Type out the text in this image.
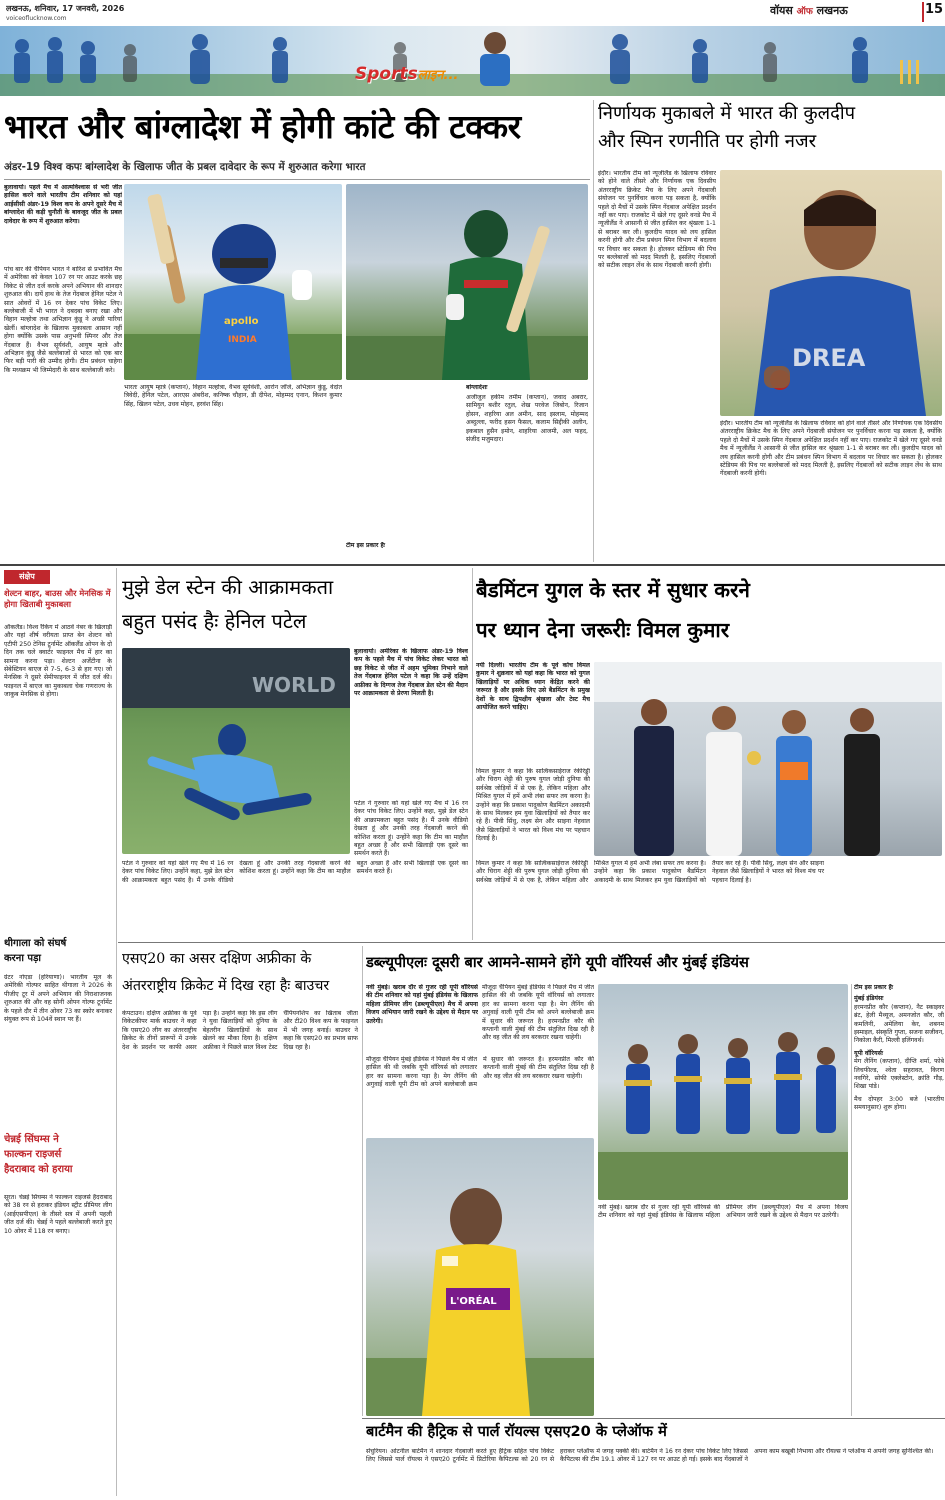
लखनऊ, शनिवार, 17 जनवरी, 2026
voiceoflucknow.com
वॉयस ऑफ लखनऊ	15
Sportsलाइन...
भारत और बांग्लादेश में होगी कांटे की टक्कर
अंडर-19 विश्व कपः बांग्लादेश के खिलाफ जीत के प्रबल दावेदार के रूप में शुरुआत करेगा भारत
बुलावायो। पहले मैच में आत्मविश्वास से भरी जीत हासिल करने वाले भारतीय टीम शनिवार को यहां आईसीसी अंडर-19 विश्व कप के अपने दूसरे मैच में बांग्लादेश की कड़ी चुनौती के बावजूद जीत के प्रबल दावेदार के रूप में शुरुआत करेगा।
पांच बार की चैंपियन भारत ने बारिश से प्रभावित मैच में अमेरिका को केवल 107 रन पर आउट करके छह विकेट से जीत दर्ज करके अपने अभियान की शानदार शुरुआत की। दायें हाथ के तेज गेंदबाज हेनिल पटेल ने सात ओवरों में 16 रन देकर पांच विकेट लिए। बल्लेबाजी में भी भारत ने दबदबा बनाए रखा और विहान मल्होत्रा तथा अभिज्ञान कुंडू ने अच्छी पारियां खेलीं। बांग्लादेश के खिलाफ मुकाबला आसान नहीं होगा क्योंकि उसके पास अनुभवी स्पिनर और तेज गेंदबाज हैं। वैभव सूर्यवंशी, आयुष म्हात्रे और अभिज्ञान कुंडू जैसे बल्लेबाजों से भारत को एक बार फिर बड़ी पारी की उम्मीद होगी। टीम प्रबंधन चाहेगा कि मध्यक्रम भी जिम्मेदारी के साथ बल्लेबाजी करे।
apollo
INDIA
टीम इस प्रकार हैंः
भारतः आयुष म्हात्रे (कप्तान), विहान मल्होत्रा, वैभव सूर्यवंशी, आरोन जॉर्ज, अभिज्ञान कुंडू, वेदांत त्रिवेदी, हेनिल पटेल, आरएस अंबरीश, कनिष्क चौहान, डी दीपेश, मोहम्मद एनान, किशन कुमार सिंह, खिलन पटेल, उधव मोहन, हरवंश सिंह।
बांग्लादेशः
अजीजुल हकीम तमीम (कप्तान), जवाद अबरार, सामियुन बशीर रतुल, शेख परवेज जिबोन, रिजान होसन, शहरिया अल अमीन, साद इस्लाम, मोहम्मद अब्दुल्ला, फरीद हसन फैसल, कलाम सिद्दीकी अलीन, इकबाल हुसैन इमोन, शाहरिया आजमी, अल फहद, संजीद मजुमदार।
निर्णायक मुकाबले में भारत की कुलदीप
और स्पिन रणनीति पर होगी नजर
इंदौर। भारतीय टीम को न्यूजीलैंड के खिलाफ रविवार को होने वाले तीसरे और निर्णायक एक दिवसीय अंतरराष्ट्रीय क्रिकेट मैच के लिए अपने गेंदबाजी संयोजन पर पुनर्विचार करना पड़ सकता है, क्योंकि पहले दो मैचों में उसके स्पिन गेंदबाज अपेक्षित प्रदर्शन नहीं कर पाए। राजकोट में खेले गए दूसरे वनडे मैच में न्यूजीलैंड ने आसानी से जीत हासिल कर श्रृंखला 1-1 से बराबर कर ली। कुलदीप यादव को लय हासिल करनी होगी और टीम प्रबंधन स्पिन विभाग में बदलाव पर विचार कर सकता है। होलकर स्टेडियम की पिच पर बल्लेबाजों को मदद मिलती है, इसलिए गेंदबाजों को सटीक लाइन लेंथ के साथ गेंदबाजी करनी होगी।
DREA
इंदौर। भारतीय टीम को न्यूजीलैंड के खिलाफ रविवार को होने वाले तीसरे और निर्णायक एक दिवसीय अंतरराष्ट्रीय क्रिकेट मैच के लिए अपने गेंदबाजी संयोजन पर पुनर्विचार करना पड़ सकता है, क्योंकि पहले दो मैचों में उसके स्पिन गेंदबाज अपेक्षित प्रदर्शन नहीं कर पाए। राजकोट में खेले गए दूसरे वनडे मैच में न्यूजीलैंड ने आसानी से जीत हासिल कर श्रृंखला 1-1 से बराबर कर ली। कुलदीप यादव को लय हासिल करनी होगी और टीम प्रबंधन स्पिन विभाग में बदलाव पर विचार कर सकता है। होलकर स्टेडियम की पिच पर बल्लेबाजों को मदद मिलती है, इसलिए गेंदबाजों को सटीक लाइन लेंथ के साथ गेंदबाजी करनी होगी।
संक्षेप
शेल्टन बाहर, बाउस और मेनसिक में होगा खिताबी मुकाबला
ऑकलैंड। विश्व रैंकिंग में आठवें नंबर के खिलाड़ी और यहां शीर्ष वरीयता प्राप्त बेन शेल्टन को एटीपी 250 टेनिस टूर्नामेंट ऑकलैंड ओपन के दो दिन तक चले क्वार्टर फाइनल मैच में हार का सामना करना पड़ा। शेल्टन अर्जेंटीना के सेबेस्टियन बाएज से 7-5, 6-3 से हार गए। जो मेनसिक ने दूसरे सेमीफाइनल में जीत दर्ज की। फाइनल में बाएज का मुकाबला चेक गणराज्य के जाकुब मेनसिक से होगा।
थीगाला को संघर्ष
करना पड़ा
ग्रेटर नोएडा (हरियाणा)। भारतीय मूल के अमेरिकी गोल्फर साहित थीगाला ने 2026 के पीजीए टूर में अपने अभियान की निराशाजनक शुरुआत की और वह सोनी ओपन गोल्फ टूर्नामेंट के पहले दौर में तीन ओवर 73 का स्कोर बनाकर संयुक्त रूप से 104वें स्थान पर हैं।
चेन्नई सिंघम्स ने
फाल्कन राइजर्स
हैदराबाद को हराया
सूरत। चेन्नई सिंघम्स ने फाल्कन राइजर्स हैदराबाद को 38 रन से हराकर इंडियन स्ट्रीट प्रीमियर लीग (आईएसपीएल) के तीसरे सत्र में अपनी पहली जीत दर्ज की। चेन्नई ने पहले बल्लेबाजी करते हुए 10 ओवर में 118 रन बनाए।
मुझे डेल स्टेन की आक्रामकता
बहुत पसंद हैः हेनिल पटेल
WORLD
बुलावायो। अमेरिका के खिलाफ अंडर-19 विश्व कप के पहले मैच में पांच विकेट लेकर भारत को छह विकेट से जीत में अहम भूमिका निभाने वाले तेज गेंदबाज हेनिल पटेल ने कहा कि उन्हें दक्षिण अफ्रीका के दिग्गज तेज गेंदबाज डेल स्टेन की मैदान पर आक्रामकता से प्रेरणा मिलती है।
पटेल ने गुरुवार को यहां खेले गए मैच में 16 रन देकर पांच विकेट लिए। उन्होंने कहा, मुझे डेल स्टेन की आक्रामकता बहुत पसंद है। मैं उनके वीडियो देखता हूं और उनकी तरह गेंदबाजी करने की कोशिश करता हूं। उन्होंने कहा कि टीम का माहौल बहुत अच्छा है और सभी खिलाड़ी एक दूसरे का समर्थन करते हैं।
पटेल ने गुरुवार को यहां खेले गए मैच में 16 रन देकर पांच विकेट लिए। उन्होंने कहा, मुझे डेल स्टेन की आक्रामकता बहुत पसंद है। मैं उनके वीडियो देखता हूं और उनकी तरह गेंदबाजी करने की कोशिश करता हूं। उन्होंने कहा कि टीम का माहौल बहुत अच्छा है और सभी खिलाड़ी एक दूसरे का समर्थन करते हैं।
बैडमिंटन युगल के स्तर में सुधार करने
पर ध्यान देना जरूरीः विमल कुमार
नयी दिल्ली। भारतीय टीम के पूर्व कोच विमल कुमार ने शुक्रवार को यहां कहा कि भारत को युगल खिलाड़ियों पर अधिक ध्यान केंद्रित करने की जरूरत है और इसके लिए उसे बैडमिंटन के प्रमुख देशों के साथ द्विपक्षीय श्रृंखला और टेस्ट मैच आयोजित करने चाहिए।
विमल कुमार ने कहा कि सात्विकसाईराज रंकीरेड्डी और चिराग शेट्टी की पुरुष युगल जोड़ी दुनिया की सर्वश्रेष्ठ जोड़ियों में से एक है, लेकिन महिला और मिश्रित युगल में हमें अभी लंबा सफर तय करना है। उन्होंने कहा कि प्रकाश पादुकोण बैडमिंटन अकादमी के साथ मिलकर हम युवा खिलाड़ियों को तैयार कर रहे हैं। पीवी सिंधु, लक्ष्य सेन और साइना नेहवाल जैसे खिलाड़ियों ने भारत को विश्व मंच पर पहचान दिलाई है।
विमल कुमार ने कहा कि सात्विकसाईराज रंकीरेड्डी और चिराग शेट्टी की पुरुष युगल जोड़ी दुनिया की सर्वश्रेष्ठ जोड़ियों में से एक है, लेकिन महिला और मिश्रित युगल में हमें अभी लंबा सफर तय करना है। उन्होंने कहा कि प्रकाश पादुकोण बैडमिंटन अकादमी के साथ मिलकर हम युवा खिलाड़ियों को तैयार कर रहे हैं। पीवी सिंधु, लक्ष्य सेन और साइना नेहवाल जैसे खिलाड़ियों ने भारत को विश्व मंच पर पहचान दिलाई है।
एसए20 का असर दक्षिण अफ्रीका के
अंतरराष्ट्रीय क्रिकेट में दिख रहा हैः बाउचर
केपटाउन। दक्षिण अफ्रीका के पूर्व विकेटकीपर मार्क बाउचर ने कहा कि एसए20 लीग का अंतरराष्ट्रीय क्रिकेट के तीनों प्रारूपों में उनके देश के प्रदर्शन पर काफी असर पड़ा है। उन्होंने कहा कि इस लीग ने युवा खिलाड़ियों को दुनिया के बेहतरीन खिलाड़ियों के साथ खेलने का मौका दिया है। दक्षिण अफ्रीका ने पिछले साल विश्व टेस्ट चैंपियनशिप का खिताब जीता और टी20 विश्व कप के फाइनल में भी जगह बनाई। बाउचर ने कहा कि एसए20 का प्रभाव साफ दिख रहा है।
डब्ल्यूपीएलः दूसरी बार आमने-सामने होंगे यूपी वॉरियर्स और मुंबई इंडियंस
नवी मुंबई। खराब दौर से गुजर रही यूपी वॉरियर्स की टीम शनिवार को यहां मुंबई इंडियंस के खिलाफ महिला प्रीमियर लीग (डब्ल्यूपीएल) मैच में अपना विजय अभियान जारी रखने के उद्देश्य से मैदान पर उतरेगी।
मौजूदा चैंपियन मुंबई इंडियंस ने पिछले मैच में जीत हासिल की थी जबकि यूपी वॉरियर्स को लगातार हार का सामना करना पड़ा है। मेग लैनिंग की अगुवाई वाली यूपी टीम को अपने बल्लेबाजी क्रम में सुधार की जरूरत है। हरमनप्रीत कौर की कप्तानी वाली मुंबई की टीम संतुलित दिख रही है और वह जीत की लय बरकरार रखना चाहेगी।
मौजूदा चैंपियन मुंबई इंडियंस ने पिछले मैच में जीत हासिल की थी जबकि यूपी वॉरियर्स को लगातार हार का सामना करना पड़ा है। मेग लैनिंग की अगुवाई वाली यूपी टीम को अपने बल्लेबाजी क्रम में सुधार की जरूरत है। हरमनप्रीत कौर की कप्तानी वाली मुंबई की टीम संतुलित दिख रही है और वह जीत की लय बरकरार रखना चाहेगी।
L'ORÉAL
नवी मुंबई। खराब दौर से गुजर रही यूपी वॉरियर्स की टीम शनिवार को यहां मुंबई इंडियंस के खिलाफ महिला प्रीमियर लीग (डब्ल्यूपीएल) मैच में अपना विजय अभियान जारी रखने के उद्देश्य से मैदान पर उतरेगी।
टीम इस प्रकार हैंः
मुंबई इंडियंसः
हरमनप्रीत कौर (कप्तान), नैट स्काइवर ब्रंट, हेली मैथ्यूज, अमनजोत कौर, जी कमलिनी, अमेलिया केर, शबनम इस्माइल, संस्कृति गुप्ता, सजना सजीवन, निकोला कैरी, मिल्ली इलिंगवर्थ।
यूपी वॉरियर्सः
मेग लैनिंग (कप्तान), दीप्ति शर्मा, फोबे लिचफील्ड, श्वेता सहरावत, किरण नवगिरे, सोफी एक्लेस्टोन, क्रांति गौड़, शिखा पांडे।
मैच दोपहर 3:00 बजे (भारतीय समयानुसार) शुरू होगा।
बार्टमैन की हैट्रिक से पार्ल रॉयल्स एसए20 के प्लेऑफ में
सेंचुरियन। ओटनील बार्टमैन ने शानदार गेंदबाजी करते हुए हैट्रिक सहित पांच विकेट लिए जिससे पार्ल रॉयल्स ने एसए20 टूर्नामेंट में प्रिटोरिया कैपिटल्स को 20 रन से हराकर प्लेऑफ में जगह पक्की की। बार्टमैन ने 16 रन देकर पांच विकेट लिए जिससे कैपिटल्स की टीम 19.1 ओवर में 127 रन पर आउट हो गई। इसके बाद गेंदबाजों ने अपना काम बखूबी निभाया और रॉयल्स ने प्लेऑफ में अपनी जगह सुनिश्चित की।
